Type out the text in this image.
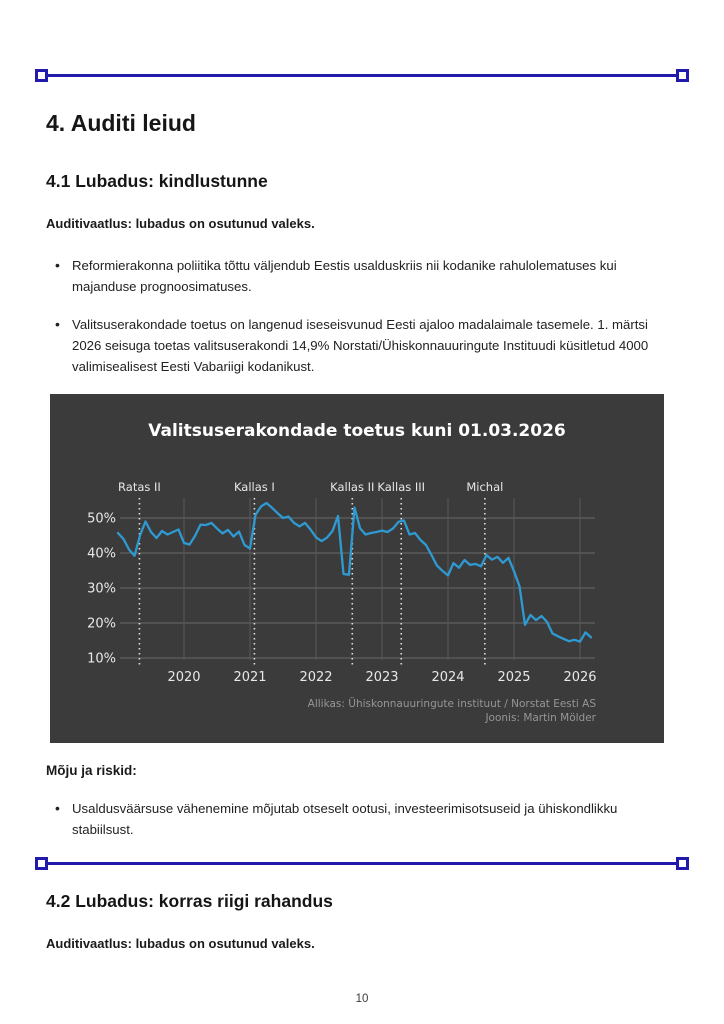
4. Auditi leiud
4.1 Lubadus: kindlustunne

Auditivaatlus: lubadus on osutunud valeks.

• Reformierakonna poliitika tõttu väljendub Eestis usalduskriis nii kodanike rahulolematuses kui majanduse prognoosimatuses.
• Valitsuserakondade toetus on langenud iseseisvunud Eesti ajaloo madalaimale tasemele. 1. märtsi 2026 seisuga toetas valitsuserakondi 14,9% Norstati/Ühiskonnauuringute Instituudi küsitletud 4000 valimisealisest Eesti Vabariigi kodanikust.
Valitsuserakondade toetus kuni 01.03.2026
50%
40%
30%
20%
10%
2020	2021	2022	2023	2024	2025	2026
Ratas II	Kallas I	Kallas II Kallas III	Michal
Allikas: Ühiskonnauuringute instituut / Norstat Eesti AS
Joonis: Martin Mölder

Mõju ja riskid:

• Usaldusväärsuse vähenemine mõjutab otseselt ootusi, investeerimisotsuseid ja ühiskondlikku stabiilsust.
4.2 Lubadus: korras riigi rahandus

Auditivaatlus: lubadus on osutunud valeks.

10
